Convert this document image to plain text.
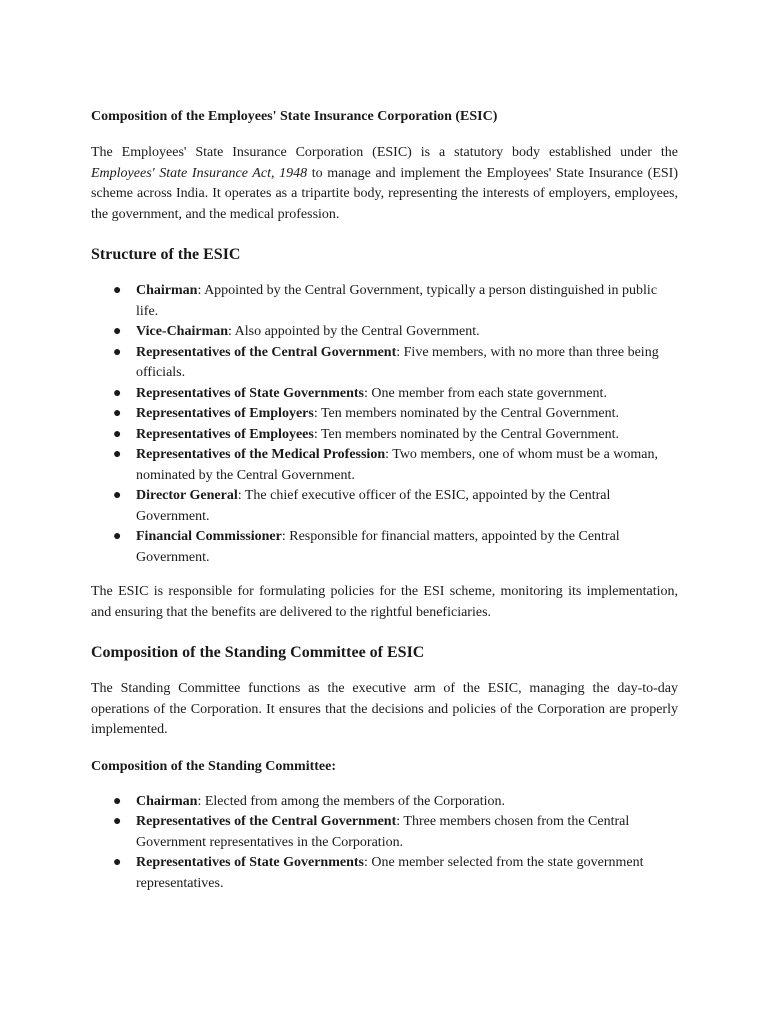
Composition of the Employees' State Insurance Corporation (ESIC)

The Employees' State Insurance Corporation (ESIC) is a statutory body established under the Employees' State Insurance Act, 1948 to manage and implement the Employees' State Insurance (ESI) scheme across India. It operates as a tripartite body, representing the interests of employers, employees, the government, and the medical profession.

Structure of the ESIC
● Chairman: Appointed by the Central Government, typically a person distinguished in public life.
● Vice-Chairman: Also appointed by the Central Government.
● Representatives of the Central Government: Five members, with no more than three being officials.
● Representatives of State Governments: One member from each state government.
● Representatives of Employers: Ten members nominated by the Central Government.
● Representatives of Employees: Ten members nominated by the Central Government.
● Representatives of the Medical Profession: Two members, one of whom must be a woman, nominated by the Central Government.
● Director General: The chief executive officer of the ESIC, appointed by the Central Government.
● Financial Commissioner: Responsible for financial matters, appointed by the Central Government.

The ESIC is responsible for formulating policies for the ESI scheme, monitoring its implementation, and ensuring that the benefits are delivered to the rightful beneficiaries.

Composition of the Standing Committee of ESIC

The Standing Committee functions as the executive arm of the ESIC, managing the day-to-day operations of the Corporation. It ensures that the decisions and policies of the Corporation are properly implemented.

Composition of the Standing Committee:
● Chairman: Elected from among the members of the Corporation.
● Representatives of the Central Government: Three members chosen from the Central Government representatives in the Corporation.
● Representatives of State Governments: One member selected from the state government representatives.
